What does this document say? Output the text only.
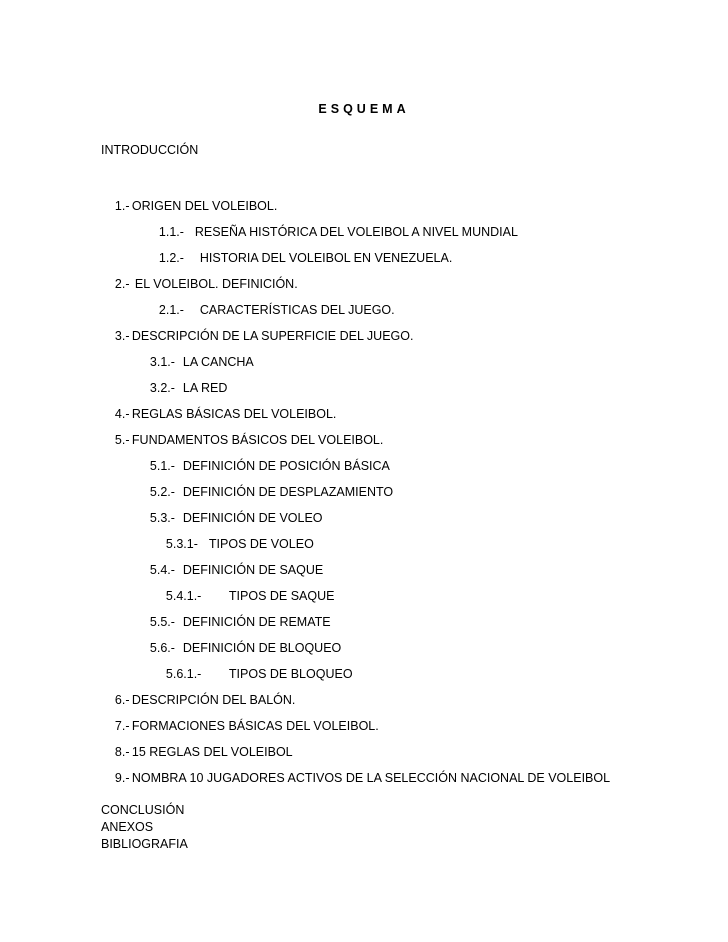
ESQUEMA
INTRODUCCIÓN

1.- ORIGEN DEL VOLEIBOL.

1.1.- RESEÑA HISTÓRICA DEL VOLEIBOL A NIVEL MUNDIAL

1.2.- HISTORIA DEL VOLEIBOL EN VENEZUELA.

2.- EL VOLEIBOL. DEFINICIÓN.

2.1.- CARACTERÍSTICAS DEL JUEGO.

3.- DESCRIPCIÓN DE LA SUPERFICIE DEL JUEGO.

3.1.- LA CANCHA

3.2.- LA RED

4.- REGLAS BÁSICAS DEL VOLEIBOL.

5.- FUNDAMENTOS BÁSICOS DEL VOLEIBOL.

5.1.- DEFINICIÓN DE POSICIÓN BÁSICA

5.2.- DEFINICIÓN DE DESPLAZAMIENTO

5.3.- DEFINICIÓN DE VOLEO

5.3.1- TIPOS DE VOLEO

5.4.- DEFINICIÓN DE SAQUE

5.4.1.- TIPOS DE SAQUE

5.5.- DEFINICIÓN DE REMATE

5.6.- DEFINICIÓN DE BLOQUEO

5.6.1.- TIPOS DE BLOQUEO

6.- DESCRIPCIÓN DEL BALÓN.

7.- FORMACIONES BÁSICAS DEL VOLEIBOL.

8.- 15 REGLAS DEL VOLEIBOL

9.- NOMBRA 10 JUGADORES ACTIVOS DE LA SELECCIÓN NACIONAL DE VOLEIBOL

CONCLUSIÓN
ANEXOS
BIBLIOGRAFIA
